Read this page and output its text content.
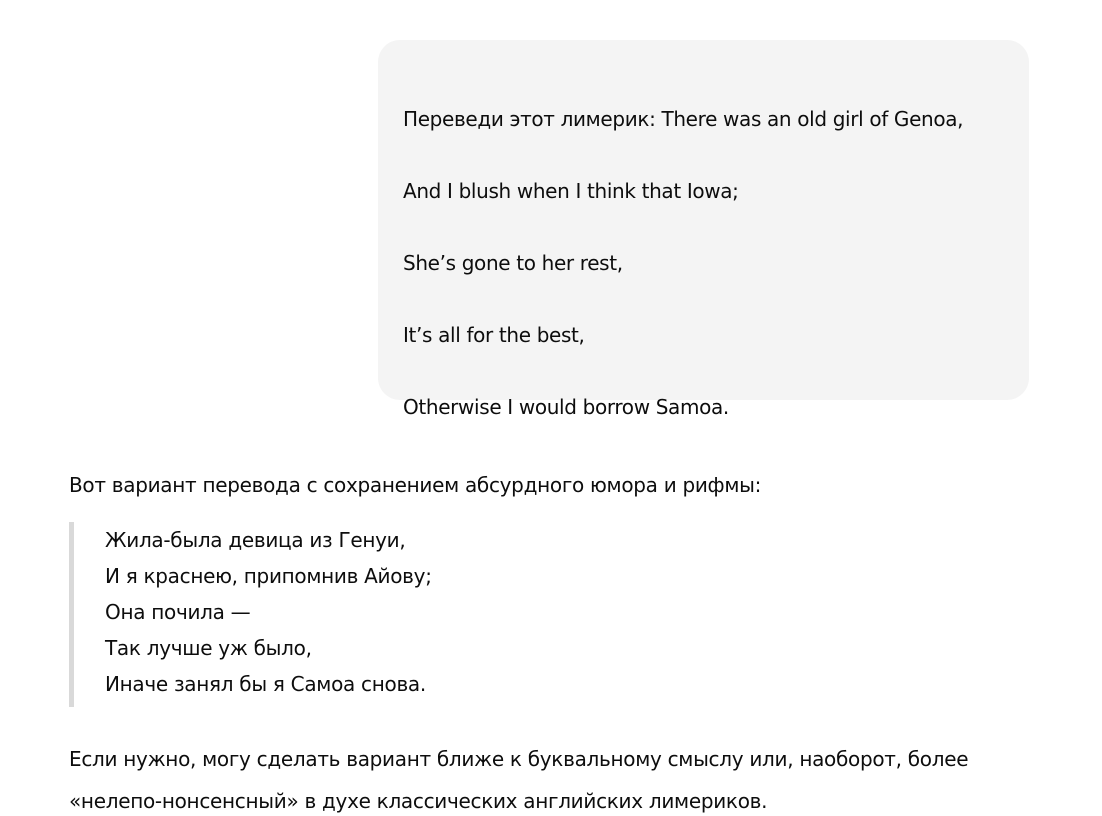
Переведи этот лимерик: There was an old girl of Genoa,
And I blush when I think that Iowa;
She’s gone to her rest,
It’s all for the best,
Otherwise I would borrow Samoa.
Вот вариант перевода с сохранением абсурдного юмора и рифмы:
Жила-была девица из Генуи,
И я краснею, припомнив Айову;
Она почила —
Так лучше уж было,
Иначе занял бы я Самоа снова.
Если нужно, могу сделать вариант ближе к буквальному смыслу или, наоборот, более «нелепо-нонсенсный» в духе классических английских лимериков.
